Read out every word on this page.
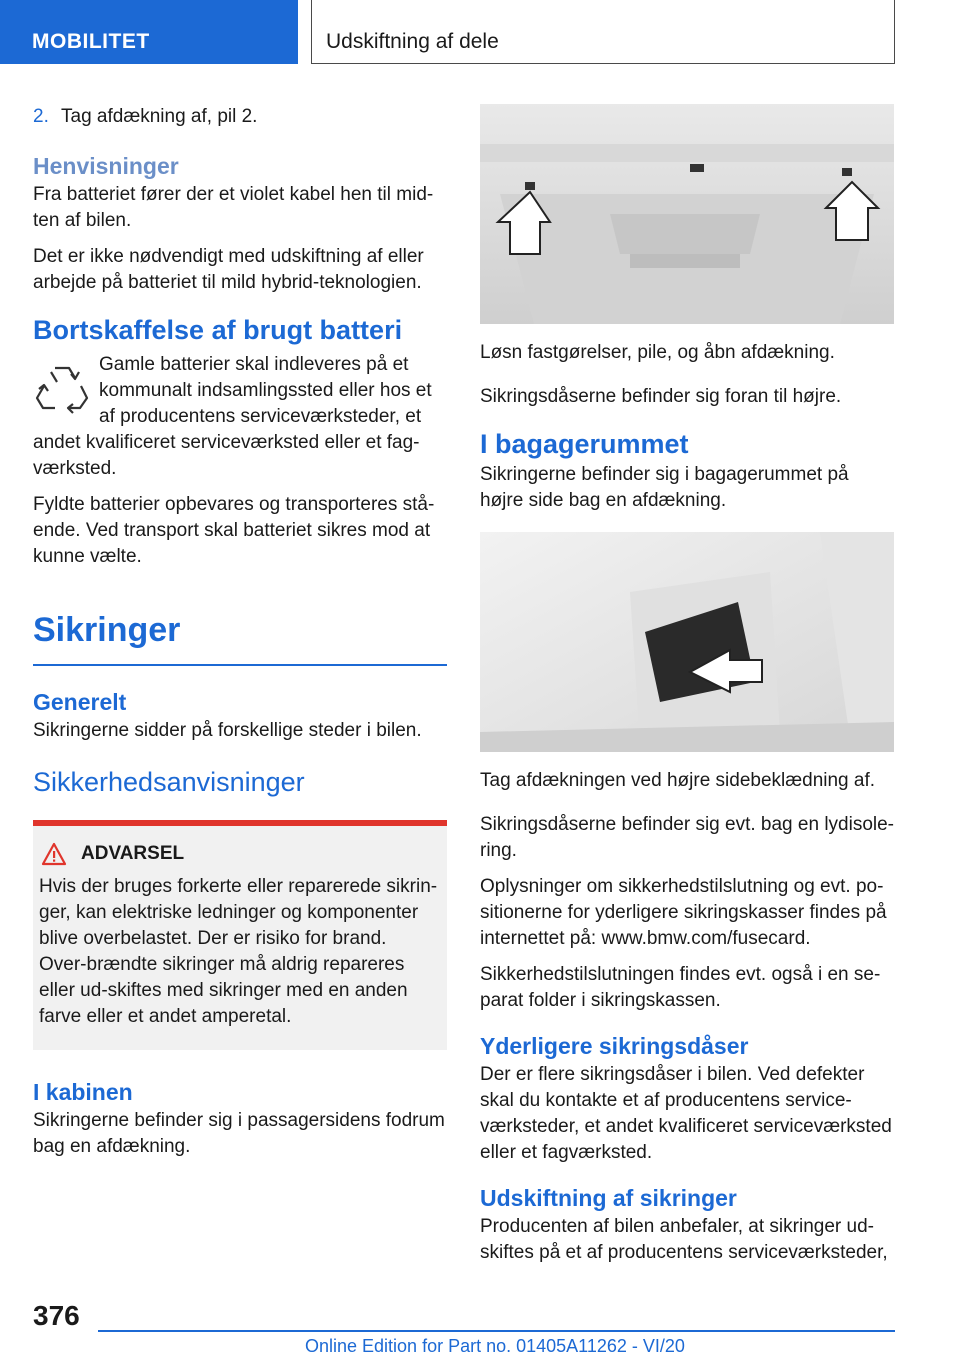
MOBILITET	Udskiftning af dele
2. Tag afdækning af, pil 2.
Henvisninger

Fra batteriet fører der et violet kabel hen til mid-ten af bilen.

Det er ikke nødvendigt med udskiftning af eller arbejde på batteriet til mild hybrid-teknologien.

Bortskaffelse af brugt batteri

Gamle batterier skal indleveres på et kommunalt indsamlingssted eller hos et af producentens serviceværksteder, et andet kvalificeret serviceværksted eller et fag-værksted.

Fyldte batterier opbevares og transporteres stå-ende. Ved transport skal batteriet sikres mod at kunne vælte.

Sikringer
Generelt

Sikringerne sidder på forskellige steder i bilen.

Sikkerhedsanvisninger
ADVARSEL

Hvis der bruges forkerte eller reparerede sikrin-ger, kan elektriske ledninger og komponenter blive overbelastet. Der er risiko for brand. Over-brændte sikringer må aldrig repareres eller ud-skiftes med sikringer med en anden farve eller et andet amperetal.

I kabinen

Sikringerne befinder sig i passagersidens fodrum bag en afdækning.

Løsn fastgørelser, pile, og åbn afdækning.

Sikringsdåserne befinder sig foran til højre.

I bagagerummet

Sikringerne befinder sig i bagagerummet på højre side bag en afdækning.

Tag afdækningen ved højre sidebeklædning af.

Sikringsdåserne befinder sig evt. bag en lydisole-ring.

Oplysninger om sikkerhedstilslutning og evt. po-sitionerne for yderligere sikringskasser findes på internettet på: www.bmw.com/fusecard.

Sikkerhedstilslutningen findes evt. også i en se-parat folder i sikringskassen.

Yderligere sikringsdåser

Der er flere sikringsdåser i bilen. Ved defekter skal du kontakte et af producentens service-værksteder, et andet kvalificeret serviceværksted eller et fagværksted.

Udskiftning af sikringer

Producenten af bilen anbefaler, at sikringer ud-skiftes på et af producentens serviceværksteder,

376
Online Edition for Part no. 01405A11262 - VI/20
